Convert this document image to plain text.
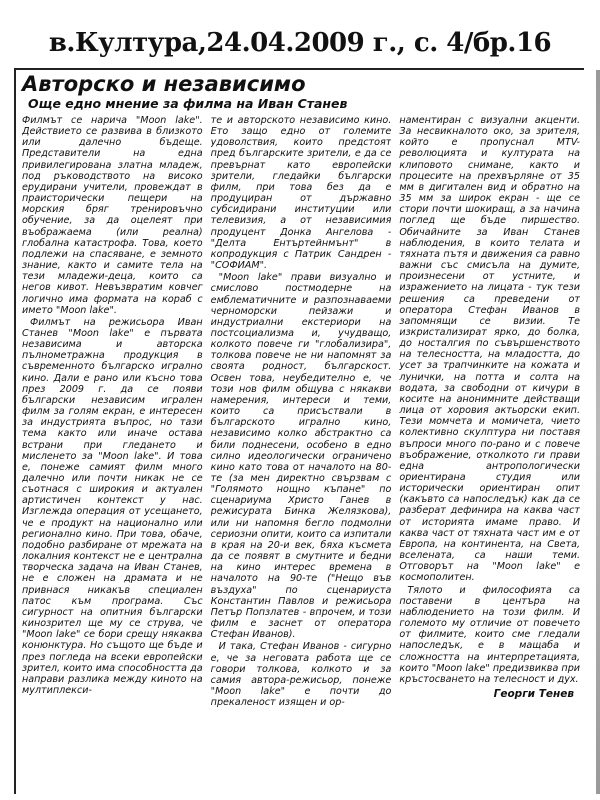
в.Култура,24.04.2009 г., с. 4/бр.16
Авторско и независимо
Още едно мнение за филма на Иван Станев

Филмът се нарича "Moon lake". Действието се развива в близкото или далечно бъдеще. Представители на една привилегирована златна младеж, под ръководството на високо ерудирани учители, провеждат в праисторически пещери на морския бряг тренировъчно обучение, за да оцелеят при въображаема (или реална) глобална катастрофа. Това, което подлежи на спасяване, е земното знание, както и самите тела на тези младежи-деца, които са негов кивот. Невъзвратим ковчег логично има формата на кораб с името "Moon lake".

Филмът на режисьора Иван Станев "Moon lake" е първата независима и авторска пълнометражна продукция в съвременното българско игрално кино. Дали е рано или късно това през 2009 г. да се появи български независим игрален филм за голям екран, е интересен за индустрията въпрос, но тази тема както или иначе остава встрани при гледането и мисленето за "Moon lake". И това е, понеже самият филм много далечно или почти никак не се съотнася с широкия и актуален артистичен контекст у нас. Изглежда операция от усещането, че е продукт на национално или регионално кино. При това, обаче, подобно разбиране от мрежата на локалния контекст не е централна творческа задача на Иван Станев, не е сложен на драмата и не привнася никакъв специален патос към програма. Със сигурност на опитния български кинозрител ще му се струва, че "Moon lake" се бори срещу някаква конюнктура. Но същото ще бъде и през погледа на всеки европейски зрител, които има способността да направи разлика между киното на мултиплекси-

те и авторското независимо кино. Ето защо едно от големите удоволствия, които предстоят пред българските зрители, е да се превърнат като европейски зрители, гледайки български филм, при това без да е продуциран от държавно субсидирани институции или телевизия, а от независимия продуцент Донка Ангелова - "Делта Ентъртейнмънт" в копродукция с Патрик Сандрен - "СОФИАМ".

"Moon lake" прави визуално и смислово постмодерне на емблематичните и разпознаваеми черноморски пейзажи и индустриални екстериори на постсоциализма и, учудващо, колкото повече ги "глобализира", толкова повече не ни напомнят за своята родност, българскост. Освен това, неубедително е, че този нов филм общува с някакви намерения, интереси и теми, които са присъствали в българското игрално кино, независимо колко абстрактно са били поднесени, особено в едно силно идеологически ограничено кино като това от началото на 80-те (за мен директно свързвам с "Голямото нощно къпане" по сценариума Христо Ганев в режисурата Бинка Желязкова), или ни напомня бегло подмолни сериозни опити, които са изпитали в края на 20-и век, бяха късмета да се появят в смутните и бедни на кино интерес времена в началото на 90-те ("Нещо във въздуха" по сценариуста Константин Павлов и режисьора Петър Попзлатев - впрочем, и този филм е заснет от оператора Стефан Иванов).

И така, Стефан Иванов - сигурно е, че за неговата работа ще се говори толкова, колкото и за самия автора-режисьор, понеже "Moon lake" е почти до прекаленост изящен и ор-

наментиран с визуални акценти. За несвикналото око, за зрителя, който е пропуснал MTV-революцията и културата на клиповото снимане, както и процесите на прехвърляне от 35 мм в дигитален вид и обратно на 35 мм за широк екран - ще се стори почти шокиращ, а за начина поглед ще бъде пиршество. Обичайните за Иван Станев наблюдения, в които телата и тяхната пътя и движения са равно важни със смисъла на думите, произнесени от устните, и изражението на лицата - тук тези решения са преведени от оператора Стефан Иванов в запомнящи се визии. Те изкристализират ярко, до болка, до носталгия по съвършенството на телесността, на младостта, до усет за трапчинките на кожата и лунички, на потта и солта на водата, за свободни от кичури в косите на анонимните действащи лица от хоровия актьорски екип. Тези момчета и момичета, чието колективно скулптура ни поставя въпроси много по-рано и с повече въображение, отколкото ги прави една антропологически ориентирана студия или исторически ориентиран опит (какъвто са напоследък) как да се разберат дефинира на каква част от историята имаме право. И каква част от тяхната част им е от Европа, на континента, на Света, вселената, са наши теми. Отговорът на "Moon lake" е космополитен.

Тялото и философията са поставени в центъра на наблюдението на този филм. И големото му отличие от повечето от филмите, които сме гледали напоследък, е в мащаба и сложността на интерпретацията, които "Moon lake" предизвиква при кръстосването на телесност и дух.

Георги Тенев
